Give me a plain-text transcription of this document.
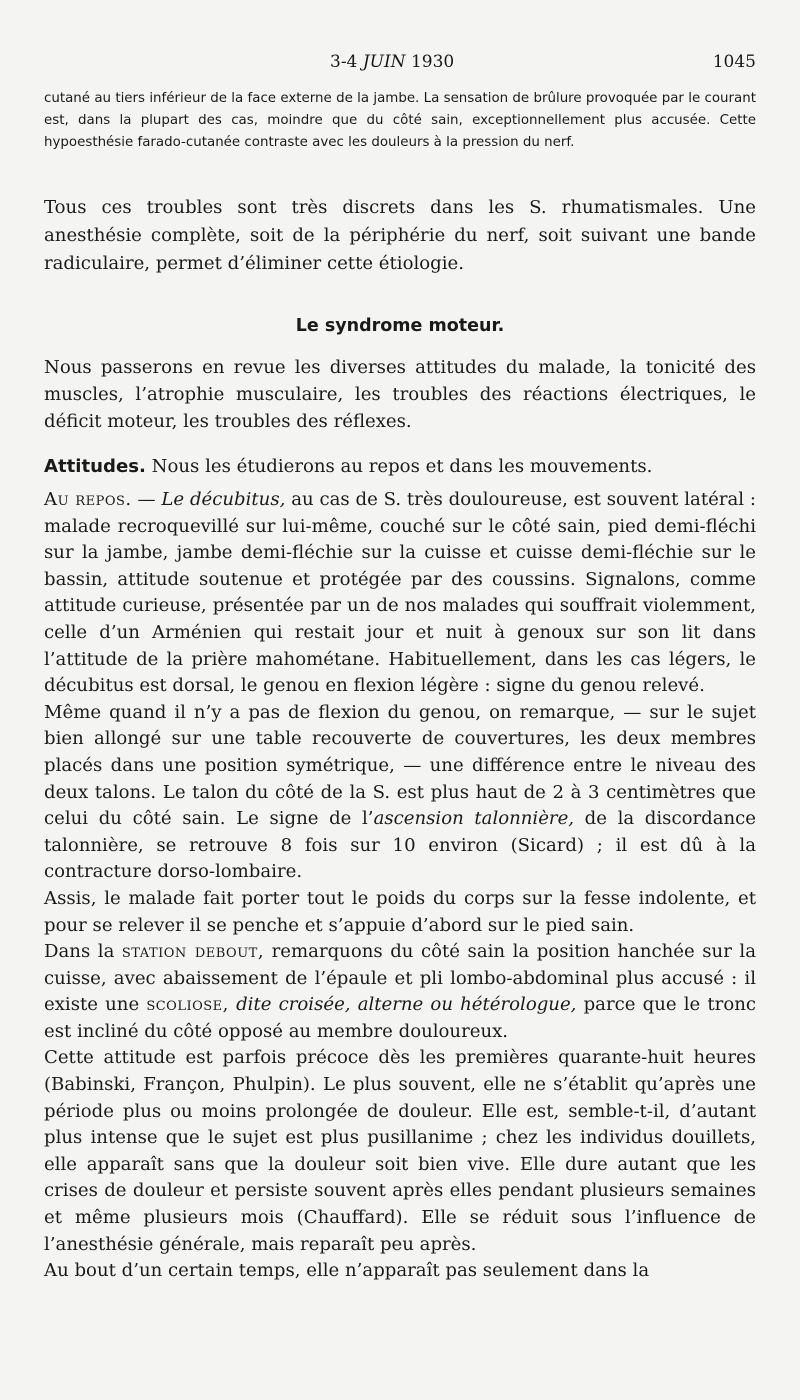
3-4 JUIN 1930	1045
cutané au tiers inférieur de la face externe de la jambe. La sensation de brûlure provoquée par le courant est, dans la plupart des cas, moindre que du côté sain, exceptionnellement plus accusée. Cette hypoesthésie farado-cutanée contraste avec les douleurs à la pression du nerf.
Tous ces troubles sont très discrets dans les S. rhumatismales. Une anesthésie complète, soit de la périphérie du nerf, soit suivant une bande radiculaire, permet d’éliminer cette étiologie.
Le syndrome moteur.
Nous passerons en revue les diverses attitudes du malade, la tonicité des muscles, l’atrophie musculaire, les troubles des réactions électriques, le déficit moteur, les troubles des réflexes.
Attitudes. Nous les étudierons au repos et dans les mouvements.

Au repos. — Le décubitus, au cas de S. très douloureuse, est souvent latéral : malade recroquevillé sur lui-même, couché sur le côté sain, pied demi-fléchi sur la jambe, jambe demi-fléchie sur la cuisse et cuisse demi-fléchie sur le bassin, attitude soutenue et protégée par des coussins. Signalons, comme attitude curieuse, présentée par un de nos malades qui souffrait violemment, celle d’un Arménien qui restait jour et nuit à genoux sur son lit dans l’attitude de la prière mahométane. Habituellement, dans les cas légers, le décubitus est dorsal, le genou en flexion légère : signe du genou relevé.

Même quand il n’y a pas de flexion du genou, on remarque, — sur le sujet bien allongé sur une table recouverte de couvertures, les deux membres placés dans une position symétrique, — une différence entre le niveau des deux talons. Le talon du côté de la S. est plus haut de 2 à 3 centimètres que celui du côté sain. Le signe de l’ascension talonnière, de la discordance talonnière, se retrouve 8 fois sur 10 environ (Sicard) ; il est dû à la contracture dorso-lombaire.

Assis, le malade fait porter tout le poids du corps sur la fesse indolente, et pour se relever il se penche et s’appuie d’abord sur le pied sain.

Dans la station debout, remarquons du côté sain la position hanchée sur la cuisse, avec abaissement de l’épaule et pli lombo-abdominal plus accusé : il existe une scoliose, dite croisée, alterne ou hétérologue, parce que le tronc est incliné du côté opposé au membre douloureux.

Cette attitude est parfois précoce dès les premières quarante-huit heures (Babinski, Françon, Phulpin). Le plus souvent, elle ne s’établit qu’après une période plus ou moins prolongée de douleur. Elle est, semble-t-il, d’autant plus intense que le sujet est plus pusillanime ; chez les individus douillets, elle apparaît sans que la douleur soit bien vive. Elle dure autant que les crises de douleur et persiste souvent après elles pendant plusieurs semaines et même plusieurs mois (Chauffard). Elle se réduit sous l’influence de l’anesthésie générale, mais reparaît peu après.

Au bout d’un certain temps, elle n’apparaît pas seulement dans la
